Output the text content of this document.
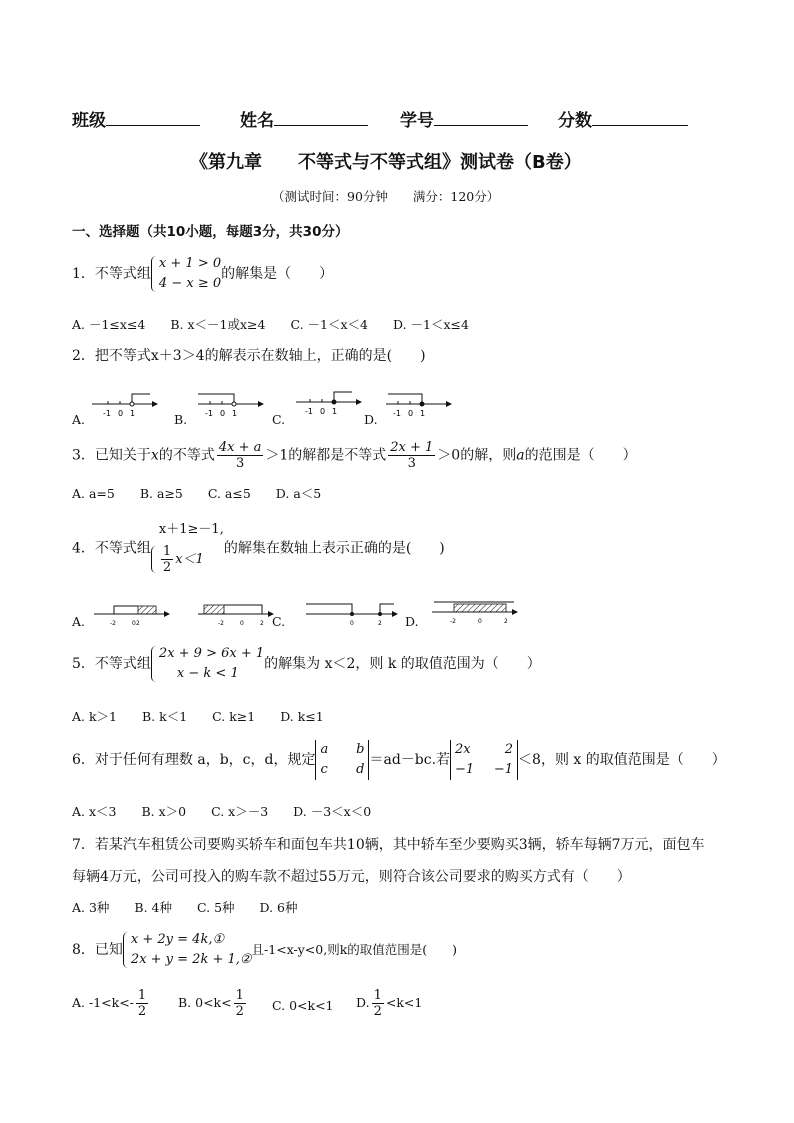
班级	姓名	学号	分数
《第九章　　不等式与不等式组》测试卷（B卷）
（测试时间：90分钟　　满分：120分）
一、选择题（共10小题，每题3分，共30分）
1．不等式组
x + 1 > 0
4 − x ≥ 0
的解集是（　　）
A. －1≤x≤4　　B. x＜－1或x≥4　　C. －1＜x＜4　　D. －1＜x≤4
2．把不等式x＋3＞4的解表示在数轴上，正确的是(　　)
A.	B.	C.	D.
-1 0 1	-1 0 1	-1 0 1	-1 0 1
3．已知关于x的不等式 $\frac{4x + a}{3} >1$的解都是不等式 $\frac{2x + 1}{3} >0$的解，则a的范围是（　　）
A. a=5　　B. a≥5　　C. a≤5　　D. a＜5
4．不等式组
x＋1≥－1,
$\frac{1}{2} x<1$
的解集在数轴上表示正确的是(　　)
A.	C.	D.
-2	0 2	-2	0	2	0	2	-2	0	2
5．不等式组
2x + 9 > 6x + 1
x − k < 1
的解集为 x＜2，则 k 的取值范围为（　　）
A. k＞1　　B. k＜1　　C. k≥1　　D. k≤1
6．对于任何有理数 a，b，c，d，规定
a	b
c	d
＝ad－bc.若
2x	2
−1 −1
＜8，则 x 的取值范围是（　　）
A. x＜3　　B. x＞0　　C. x＞－3　　D. －3＜x＜0
7．若某汽车租赁公司要购买轿车和面包车共10辆，其中轿车至少要购买3辆，轿车每辆7万元，面包车
每辆4万元，公司可投入的购车款不超过55万元，则符合该公司要求的购买方式有（　　）
A. 3种　　B. 4种　　C. 5种　　D. 6种
8．已知
x + 2y = 4k,①
2x + y = 2k + 1,②
且-1<x-y<0,则k的取值范围是(　　)
A. $-1<k<- \frac{1}{2} B$. $0<k< \frac{1}{2} C$. 0<k<1 D. $\frac{1}{2} <k<1$
